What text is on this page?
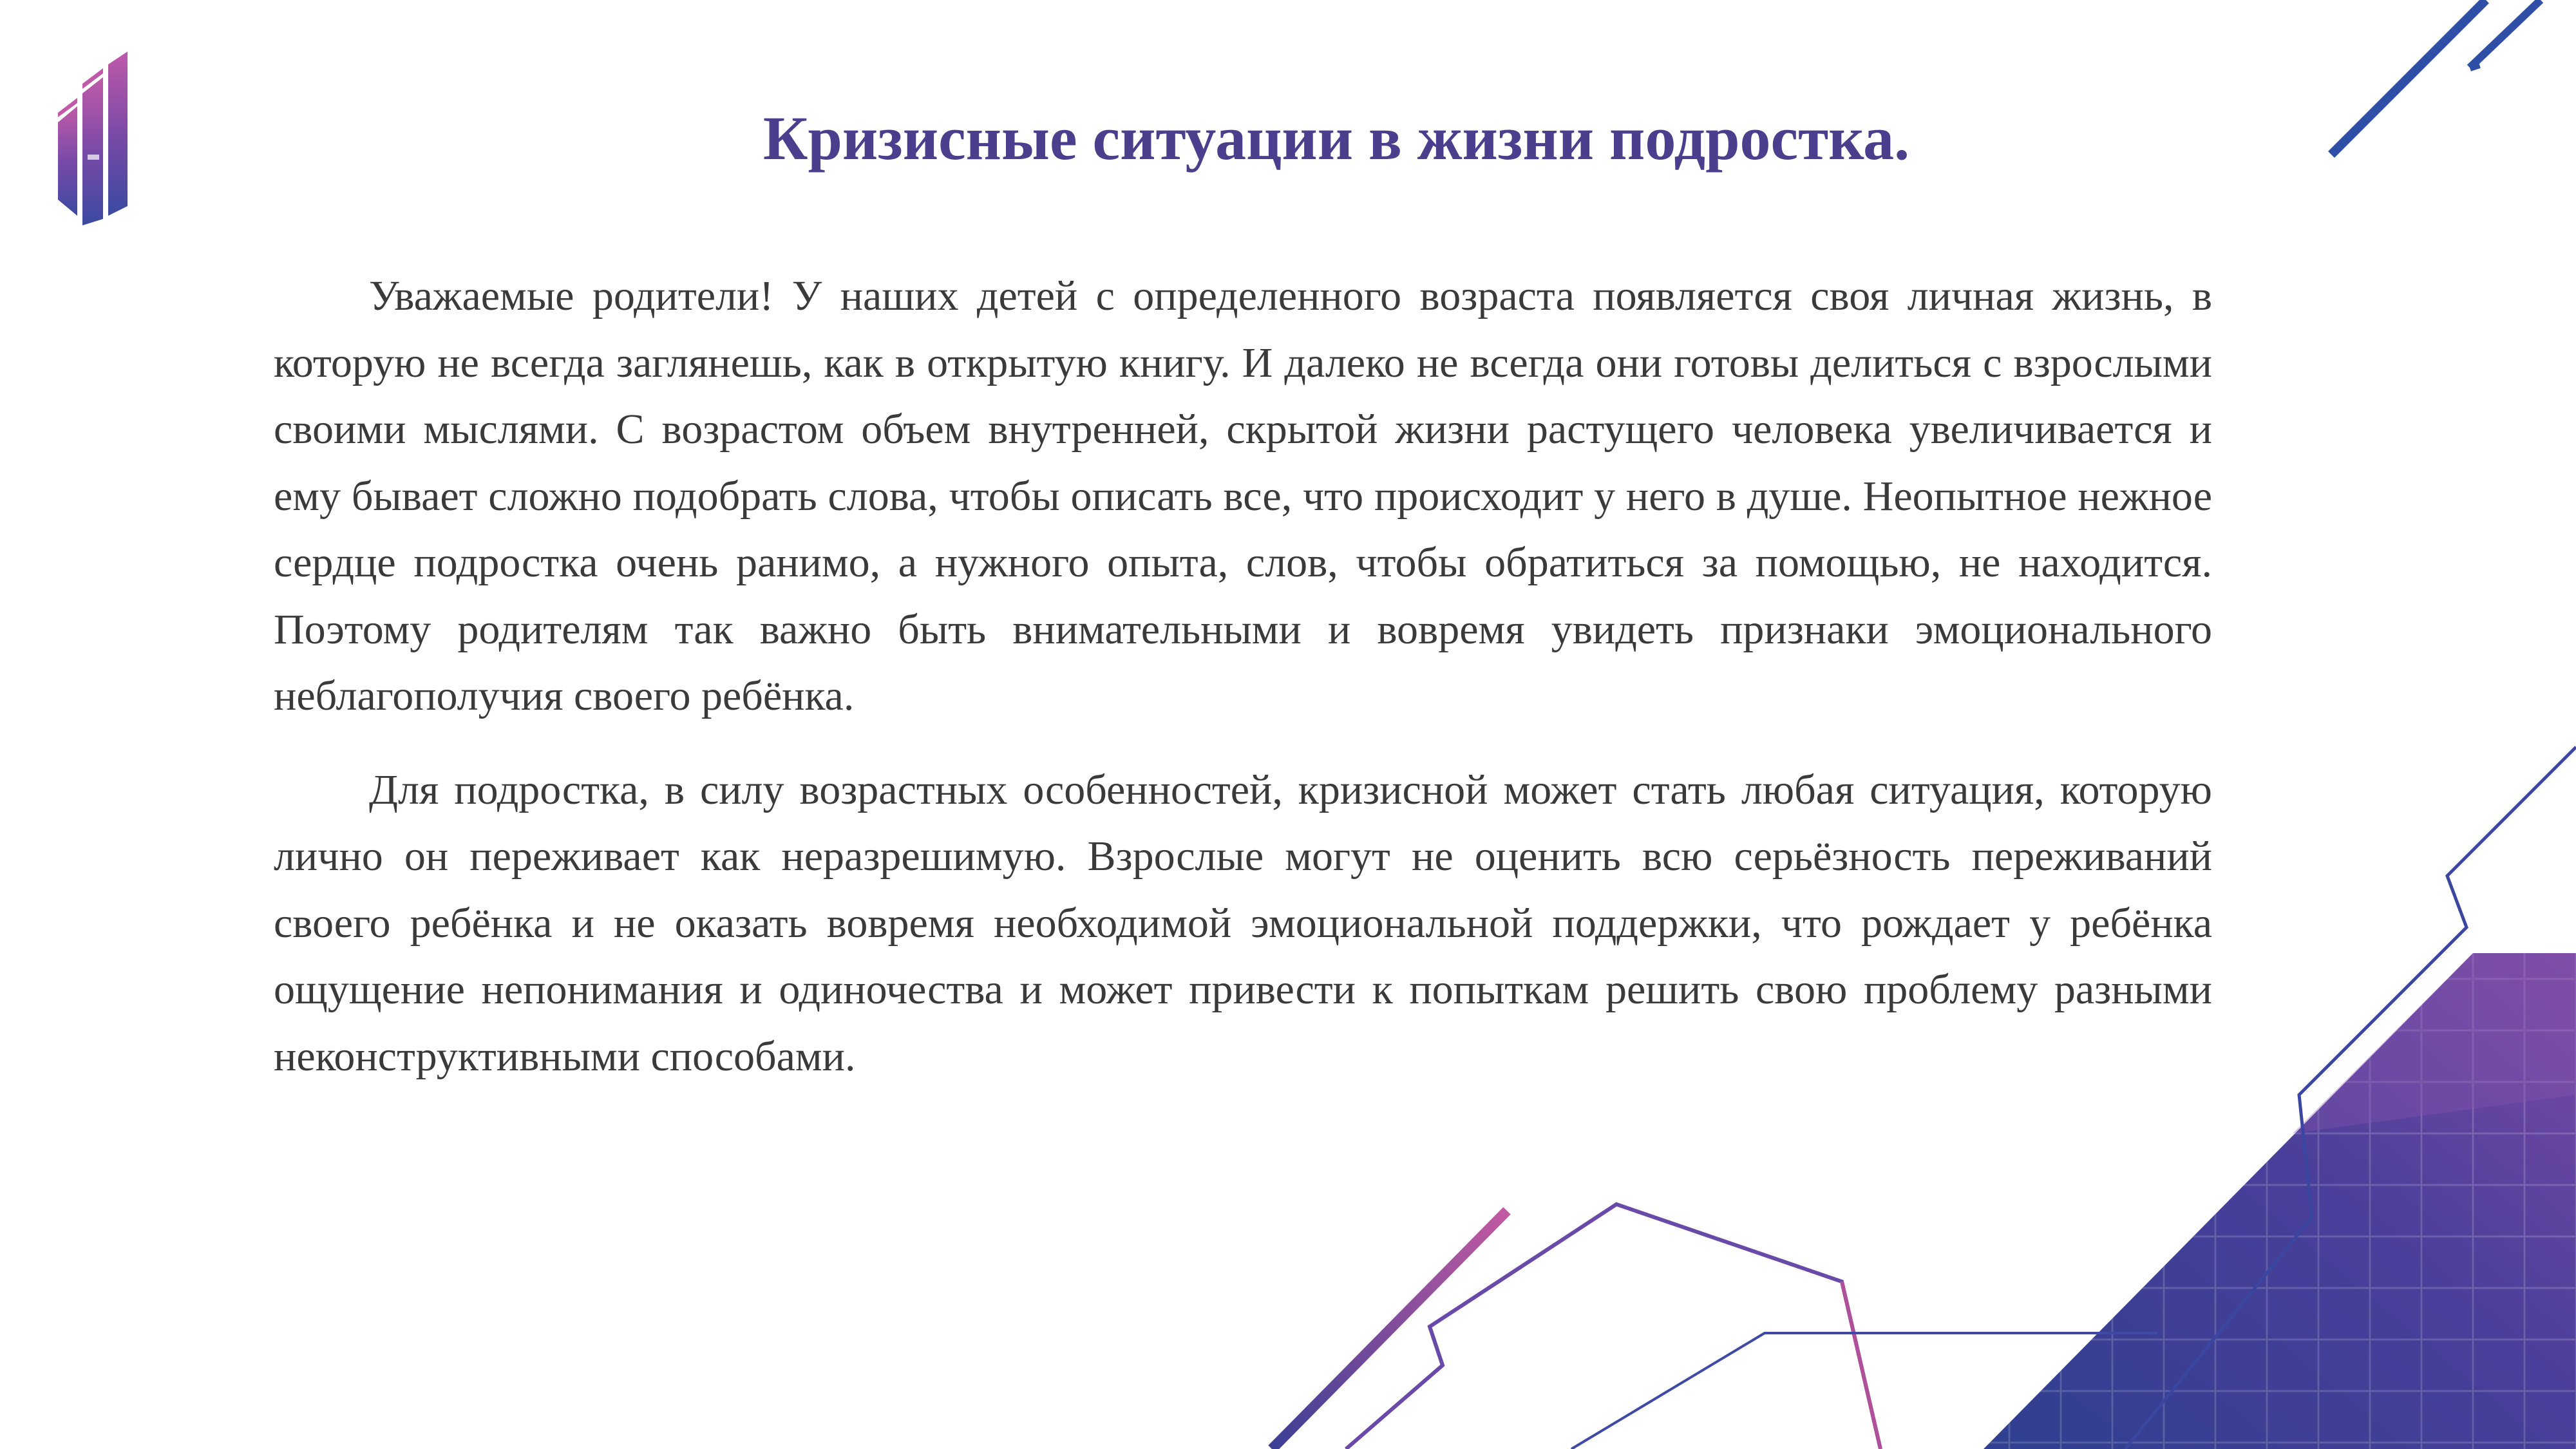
Кризисные ситуации в жизни подростка.

Уважаемые родители! У наших детей с определенного возраста появляется своя личная жизнь, в которую не всегда заглянешь, как в открытую книгу. И далеко не всегда они готовы делиться с взрослыми своими мыслями. С возрастом объем внутренней, скрытой жизни растущего человека увеличивается и ему бывает сложно подобрать слова, чтобы описать все, что происходит у него в душе. Неопытное нежное сердце подростка очень ранимо, а нужного опыта, слов, чтобы обратиться за помощью, не находится. Поэтому родителям так важно быть внимательными и вовремя увидеть признаки эмоционального неблагополучия своего ребёнка.

Для подростка, в силу возрастных особенностей, кризисной может стать любая ситуация, которую лично он переживает как неразрешимую. Взрослые могут не оценить всю серьёзность переживаний своего ребёнка и не оказать вовремя необходимой эмоциональной поддержки, что рождает у ребёнка ощущение непонимания и одиночества и может привести к попыткам решить свою проблему разными неконструктивными способами.
